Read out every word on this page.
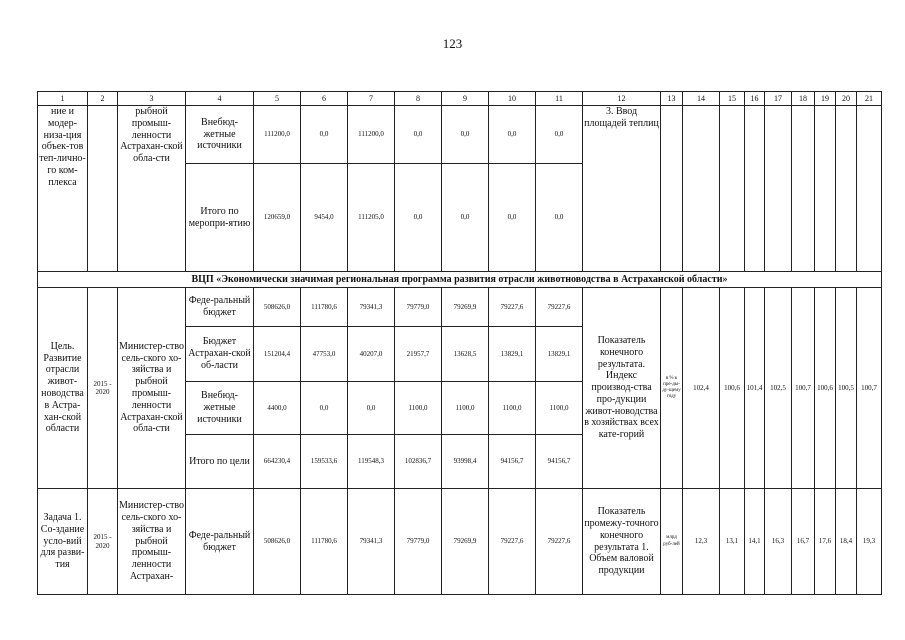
123
1	2	3	4	5	6	7	8	9	10	11	12	13	14	15	16	17	18	19	20	21
ние и модер-низа-ция объек-тов теп-лично-го ком-плекса		рыбной промыш-ленности Астрахан-ской обла-сти	Внебюд-жетные источники	111200,0	0,0	111200,0	0,0	0,0	0,0	0,0	3. Ввод площадей теплиц									
			Итого по меропри-ятию	120659,0	9454,0	111205,0	0,0	0,0	0,0	0,0										
ВЦП «Экономически значимая региональная программа развития отрасли животноводства в Астраханской области»																				
Цель. Развитие отрасли живот-новодства в Астра-хан-ской области	2015 - 2020	Министер-ство сель-ского хо-зяйства и рыбной промыш-ленности Астрахан-ской обла-сти	Феде-ральный бюджет	508626,0	111780,6	79341,3	79779,0	79269,9	79227,6	79227,6	Показатель конечного результата. Индекс производ-ства про-дукции живот-новодства в хозяйствах всех кате-горий	в % к пре-ды-ду-щему году	102,4	100,6	101,4	102,5	100,7	100,6	100,5	100,7
			Бюджет Астрахан-ской об-ласти	151204,4	47753,0	40207,0	21957,7	13628,5	13829,1	13829,1										
			Внебюд-жетные источники	4400,0	0,0	0,0	1100,0	1100,0	1100,0	1100,0										
			Итого по цели	664230,4	159533,6	119548,3	102836,7	93998,4	94156,7	94156,7										
Задача 1. Со-здание усло-вий для разви-тия	2015 - 2020	Министер-ство сель-ского хо-зяйства и рыбной промыш-ленности Астрахан-	Феде-ральный бюджет	508626,0	111780,6	79341,3	79779,0	79269,9	79227,6	79227,6	Показатель промежу-точного конечного результата 1. Объем валовой продукции	млрд руб-лей	12,3	13,1	14,1	16,3	16,7	17,6	18,4	19,3
